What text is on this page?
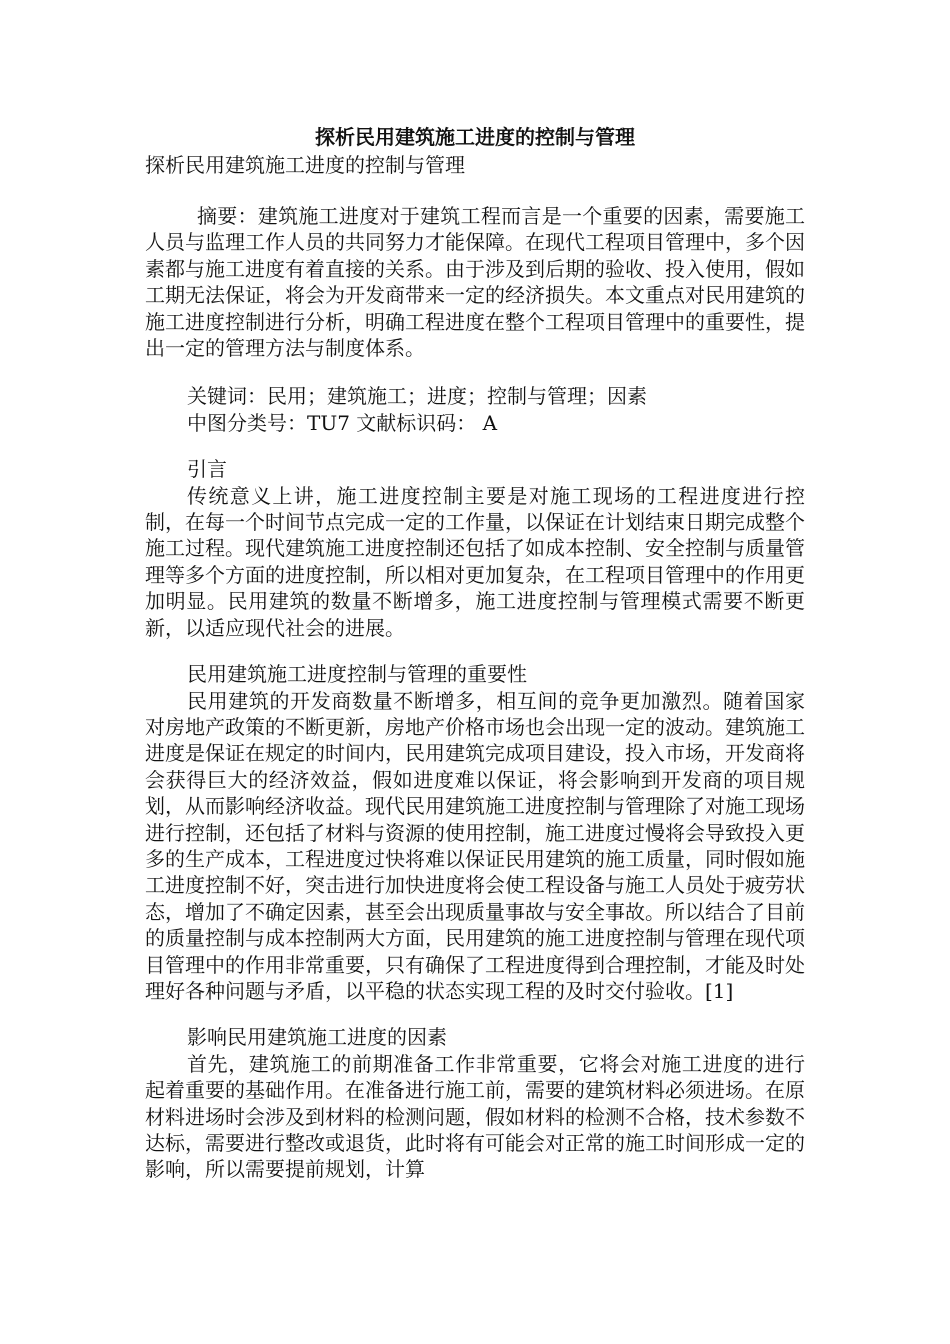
探析民用建筑施工进度的控制与管理

探析民用建筑施工进度的控制与管理

摘要：建筑施工进度对于建筑工程而言是一个重要的因素，需要施工人员与监理工作人员的共同努力才能保障。在现代工程项目管理中，多个因素都与施工进度有着直接的关系。由于涉及到后期的验收、投入使用，假如工期无法保证，将会为开发商带来一定的经济损失。本文重点对民用建筑的施工进度控制进行分析，明确工程进度在整个工程项目管理中的重要性，提出一定的管理方法与制度体系。

关键词：民用；建筑施工；进度；控制与管理；因素

中图分类号：TU7 文献标识码： A

引言

传统意义上讲，施工进度控制主要是对施工现场的工程进度进行控制，在每一个时间节点完成一定的工作量，以保证在计划结束日期完成整个施工过程。现代建筑施工进度控制还包括了如成本控制、安全控制与质量管理等多个方面的进度控制，所以相对更加复杂，在工程项目管理中的作用更加明显。民用建筑的数量不断增多，施工进度控制与管理模式需要不断更新，以适应现代社会的进展。

民用建筑施工进度控制与管理的重要性

民用建筑的开发商数量不断增多，相互间的竞争更加激烈。随着国家对房地产政策的不断更新，房地产价格市场也会出现一定的波动。建筑施工进度是保证在规定的时间内，民用建筑完成项目建设，投入市场，开发商将会获得巨大的经济效益，假如进度难以保证，将会影响到开发商的项目规划，从而影响经济收益。现代民用建筑施工进度控制与管理除了对施工现场进行控制，还包括了材料与资源的使用控制，施工进度过慢将会导致投入更多的生产成本，工程进度过快将难以保证民用建筑的施工质量，同时假如施工进度控制不好，突击进行加快进度将会使工程设备与施工人员处于疲劳状态，增加了不确定因素，甚至会出现质量事故与安全事故。所以结合了目前的质量控制与成本控制两大方面，民用建筑的施工进度控制与管理在现代项目管理中的作用非常重要，只有确保了工程进度得到合理控制，才能及时处理好各种问题与矛盾，以平稳的状态实现工程的及时交付验收。[1]

影响民用建筑施工进度的因素

首先，建筑施工的前期准备工作非常重要，它将会对施工进度的进行起着重要的基础作用。在准备进行施工前，需要的建筑材料必须进场。在原材料进场时会涉及到材料的检测问题，假如材料的检测不合格，技术参数不达标，需要进行整改或退货，此时将有可能会对正常的施工时间形成一定的影响，所以需要提前规划，计算
